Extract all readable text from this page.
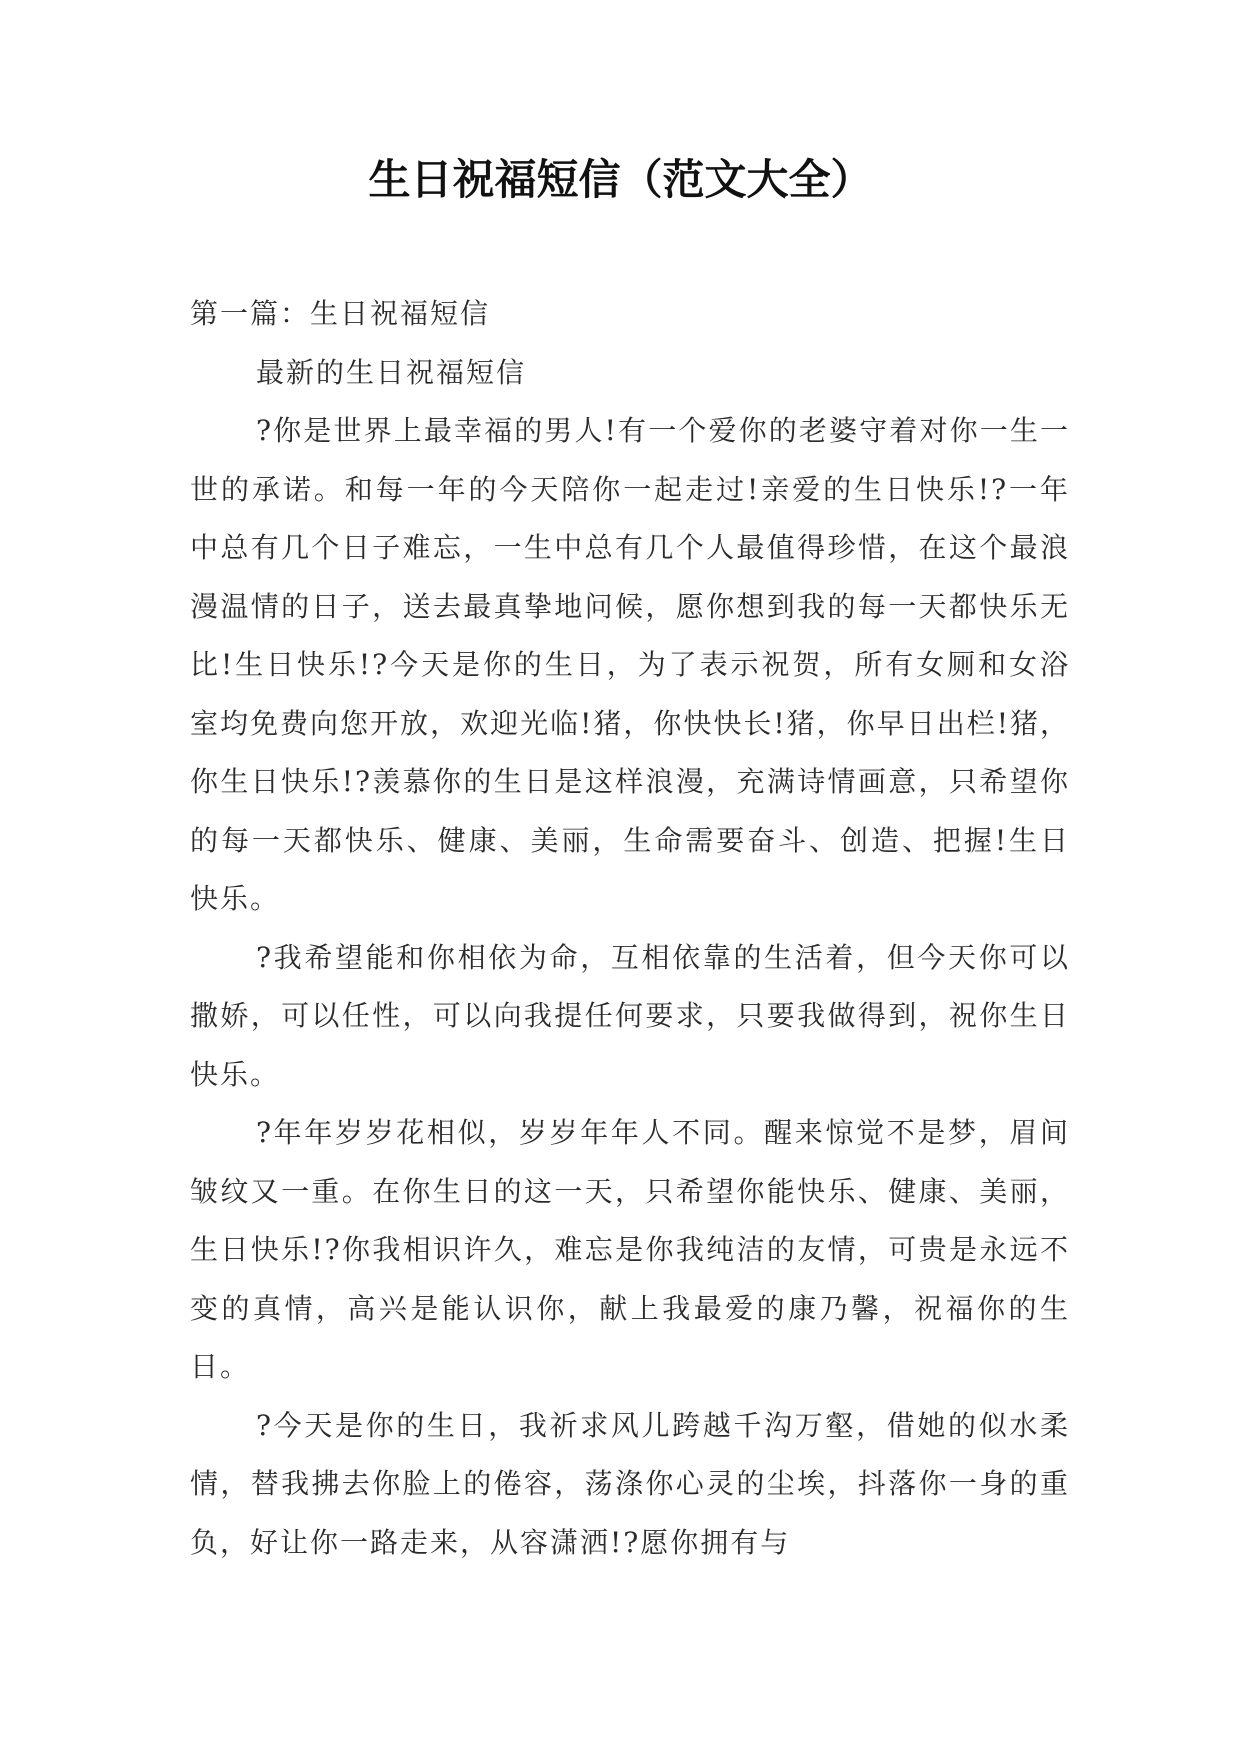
生日祝福短信（范文大全）

第一篇：生日祝福短信

最新的生日祝福短信

?你是世界上最幸福的男人!有一个爱你的老婆守着对你一生一世的承诺。和每一年的今天陪你一起走过!亲爱的生日快乐!?一年中总有几个日子难忘，一生中总有几个人最值得珍惜，在这个最浪漫温情的日子，送去最真挚地问候，愿你想到我的每一天都快乐无比!生日快乐!?今天是你的生日，为了表示祝贺，所有女厕和女浴室均免费向您开放，欢迎光临!猪，你快快长!猪，你早日出栏!猪，你生日快乐!?羡慕你的生日是这样浪漫，充满诗情画意，只希望你的每一天都快乐、健康、美丽，生命需要奋斗、创造、把握!生日快乐。

?我希望能和你相依为命，互相依靠的生活着，但今天你可以撒娇，可以任性，可以向我提任何要求，只要我做得到，祝你生日快乐。

?年年岁岁花相似，岁岁年年人不同。醒来惊觉不是梦，眉间皱纹又一重。在你生日的这一天，只希望你能快乐、健康、美丽，生日快乐!?你我相识许久，难忘是你我纯洁的友情，可贵是永远不变的真情，高兴是能认识你，献上我最爱的康乃馨，祝福你的生日。

?今天是你的生日，我祈求风儿跨越千沟万壑，借她的似水柔情，替我拂去你脸上的倦容，荡涤你心灵的尘埃，抖落你一身的重负，好让你一路走来，从容潇洒!?愿你拥有与
